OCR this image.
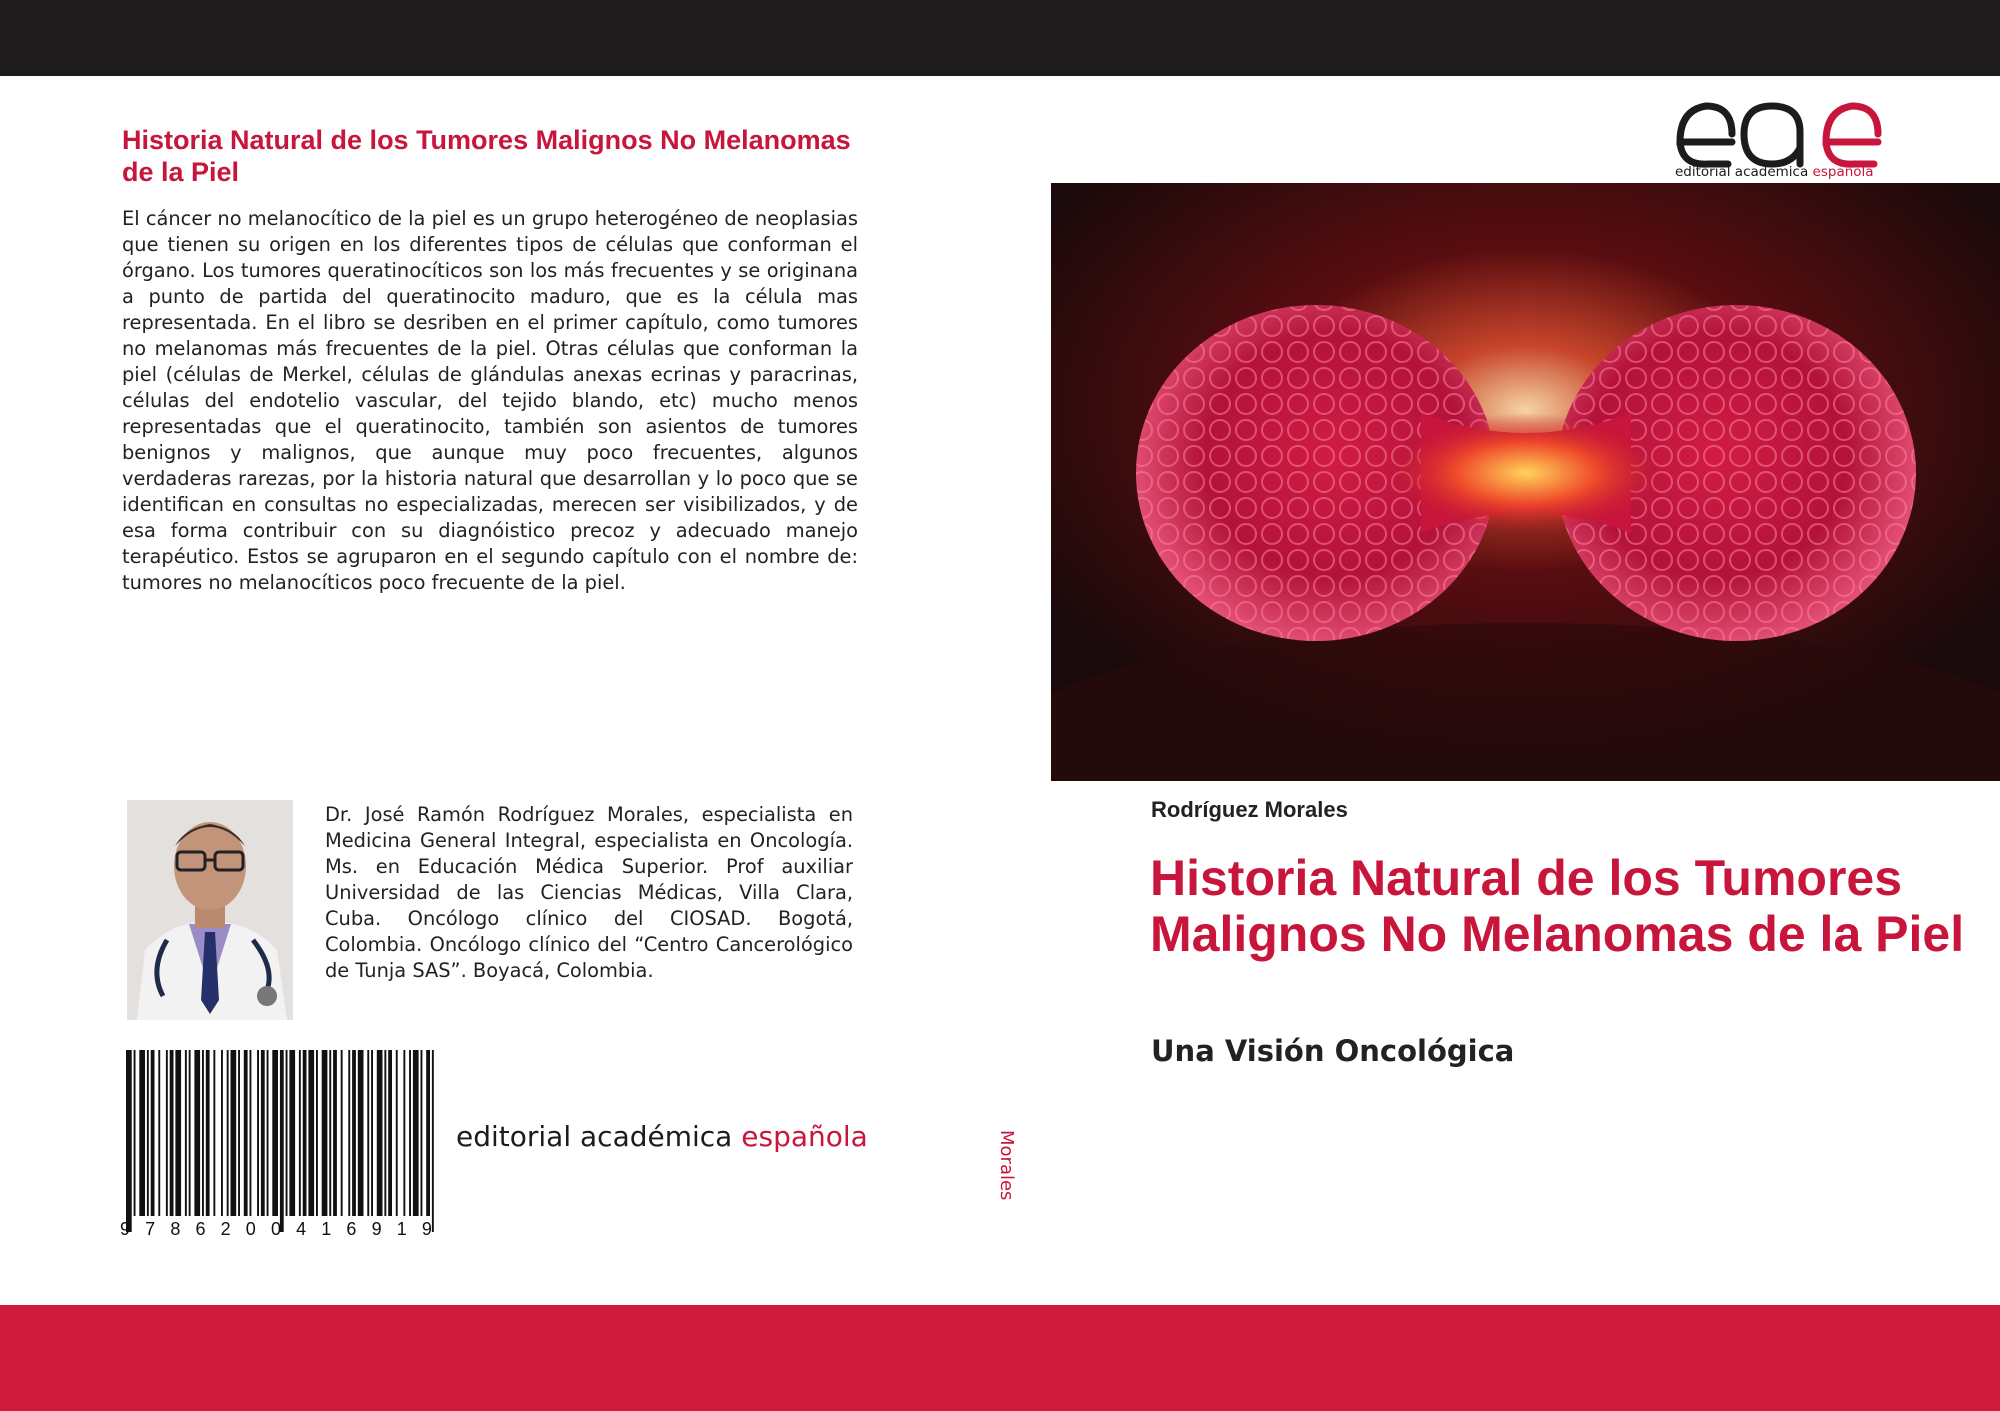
Historia Natural de los Tumores Malignos No Melanomas de la Piel

El cáncer no melanocítico de la piel es un grupo heterogéneo de neoplasias que tienen su origen en los diferentes tipos de células que conforman el órgano. Los tumores queratinocíticos son los más frecuentes y se originana a punto de partida del queratinocito maduro, que es la célula mas representada. En el libro se desriben en el primer capítulo, como tumores no melanomas más frecuentes de la piel. Otras células que conforman la piel (células de Merkel, células de glándulas anexas ecrinas y paracrinas, células del endotelio vascular, del tejido blando, etc) mucho menos representadas que el queratinocito, también son asientos de tumores benignos y malignos, que aunque muy poco frecuentes, algunos verdaderas rarezas, por la historia natural que desarrollan y lo poco que se identifican en consultas no especializadas, merecen ser visibilizados, y de esa forma contribuir con su diagnóistico precoz y adecuado manejo terapéutico. Estos se agruparon en el segundo capítulo con el nombre de: tumores no melanocíticos poco frecuente de la piel.

Dr. José Ramón Rodríguez Morales, especialista en Medicina General Integral, especialista en Oncología. Ms. en Educación Médica Superior. Prof auxiliar Universidad de las Ciencias Médicas, Villa Clara, Cuba. Oncólogo clínico del CIOSAD. Bogotá, Colombia. Oncólogo clínico del “Centro Cancerológico de Tunja SAS”. Boyacá, Colombia.

9 7 8 6 2 0 0 4 1 6 9 1 9
editorial académica española	Morales
editorial académica española
Rodríguez Morales
Historia Natural de los Tumores Malignos No Melanomas de la Piel
Una Visión Oncológica
